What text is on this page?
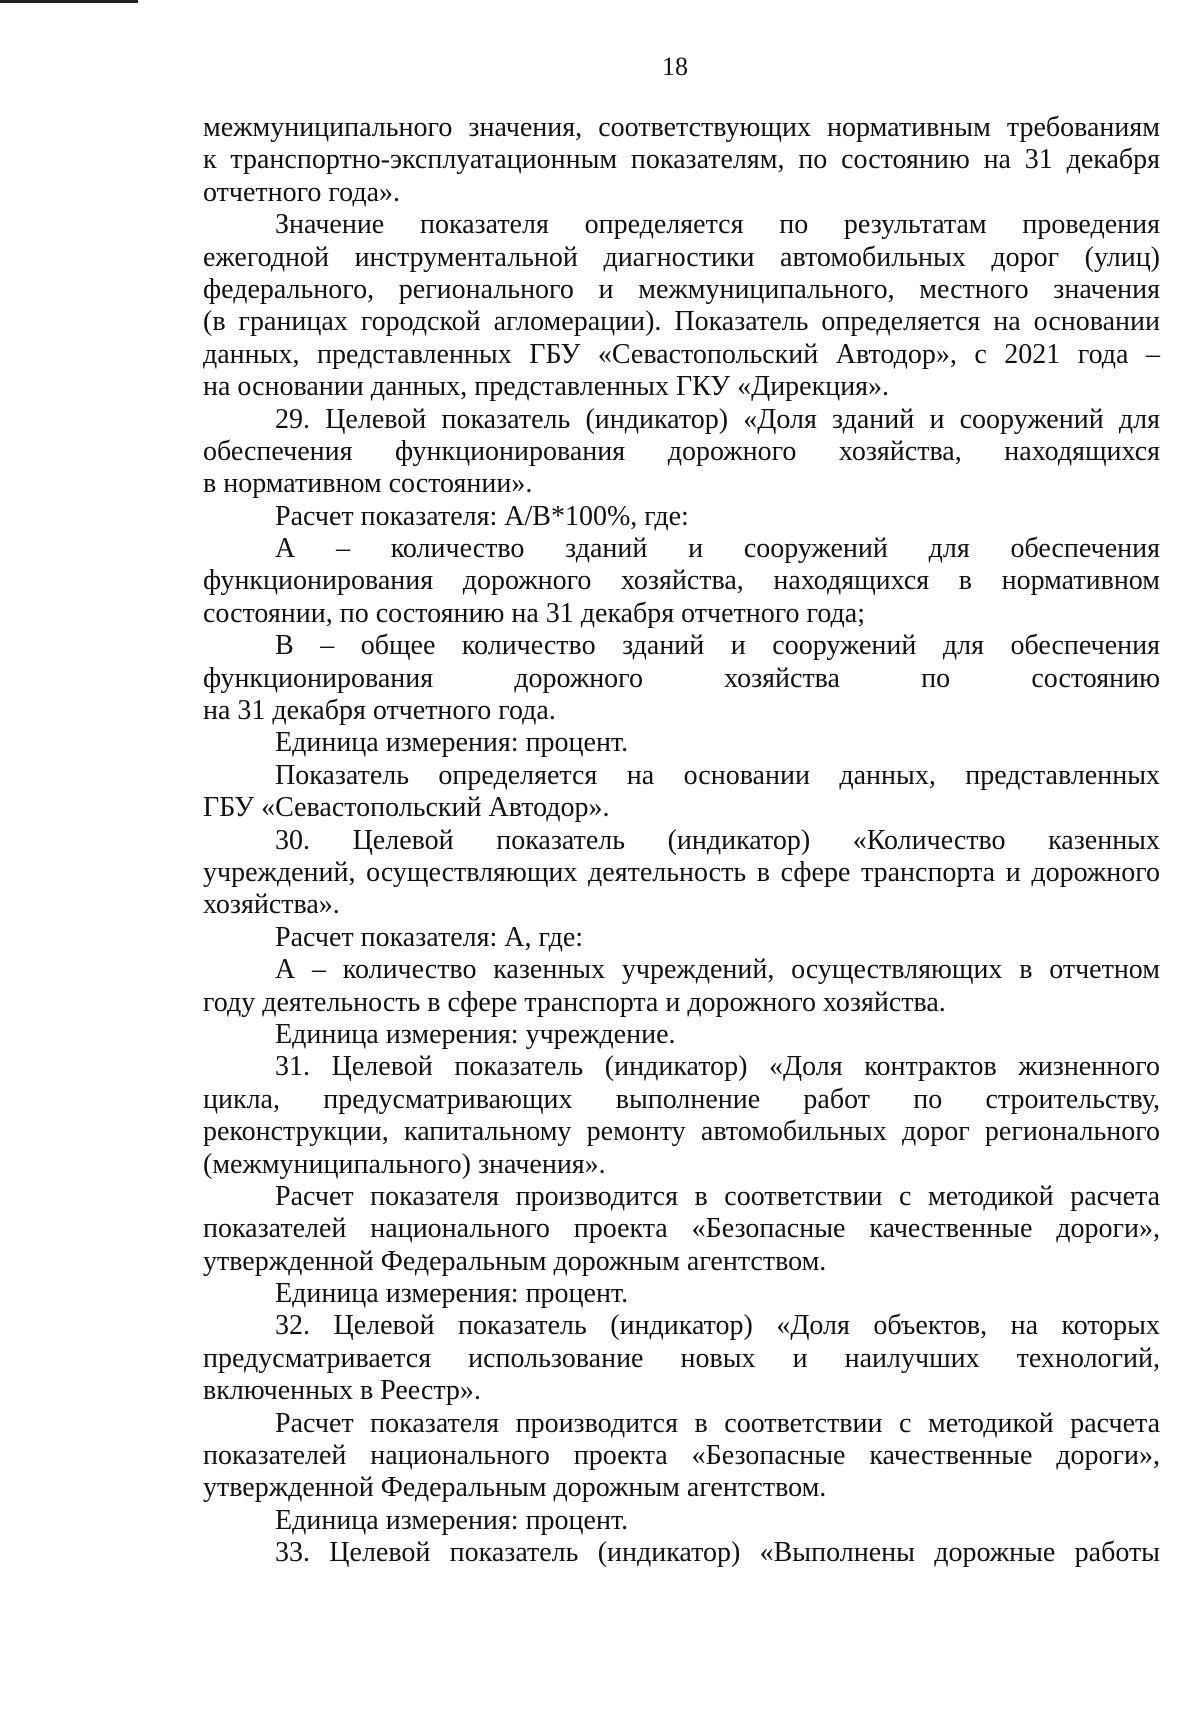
18
межмуниципального значения, соответствующих нормативным требованиям
к транспортно-эксплуатационным показателям, по состоянию на 31 декабря
отчетного года».
Значение показателя определяется по результатам проведения
ежегодной инструментальной диагностики автомобильных дорог (улиц)
федерального, регионального и межмуниципального, местного значения
(в границах городской агломерации). Показатель определяется на основании
данных, представленных ГБУ «Севастопольский Автодор», с 2021 года –
на основании данных, представленных ГКУ «Дирекция».
29. Целевой показатель (индикатор) «Доля зданий и сооружений для
обеспечения функционирования дорожного хозяйства, находящихся
в нормативном состоянии».
Расчет показателя: А/В*100%, где:
А – количество зданий и сооружений для обеспечения
функционирования дорожного хозяйства, находящихся в нормативном
состоянии, по состоянию на 31 декабря отчетного года;
В – общее количество зданий и сооружений для обеспечения
функционирования дорожного хозяйства по состоянию
на 31 декабря отчетного года.
Единица измерения: процент.
Показатель определяется на основании данных, представленных
ГБУ «Севастопольский Автодор».
30. Целевой показатель (индикатор) «Количество казенных
учреждений, осуществляющих деятельность в сфере транспорта и дорожного
хозяйства».
Расчет показателя: А, где:
А – количество казенных учреждений, осуществляющих в отчетном
году деятельность в сфере транспорта и дорожного хозяйства.
Единица измерения: учреждение.
31. Целевой показатель (индикатор) «Доля контрактов жизненного
цикла, предусматривающих выполнение работ по строительству,
реконструкции, капитальному ремонту автомобильных дорог регионального
(межмуниципального) значения».
Расчет показателя производится в соответствии с методикой расчета
показателей национального проекта «Безопасные качественные дороги»,
утвержденной Федеральным дорожным агентством.
Единица измерения: процент.
32. Целевой показатель (индикатор) «Доля объектов, на которых
предусматривается использование новых и наилучших технологий,
включенных в Реестр».
Расчет показателя производится в соответствии с методикой расчета
показателей национального проекта «Безопасные качественные дороги»,
утвержденной Федеральным дорожным агентством.
Единица измерения: процент.
33. Целевой показатель (индикатор) «Выполнены дорожные работы
